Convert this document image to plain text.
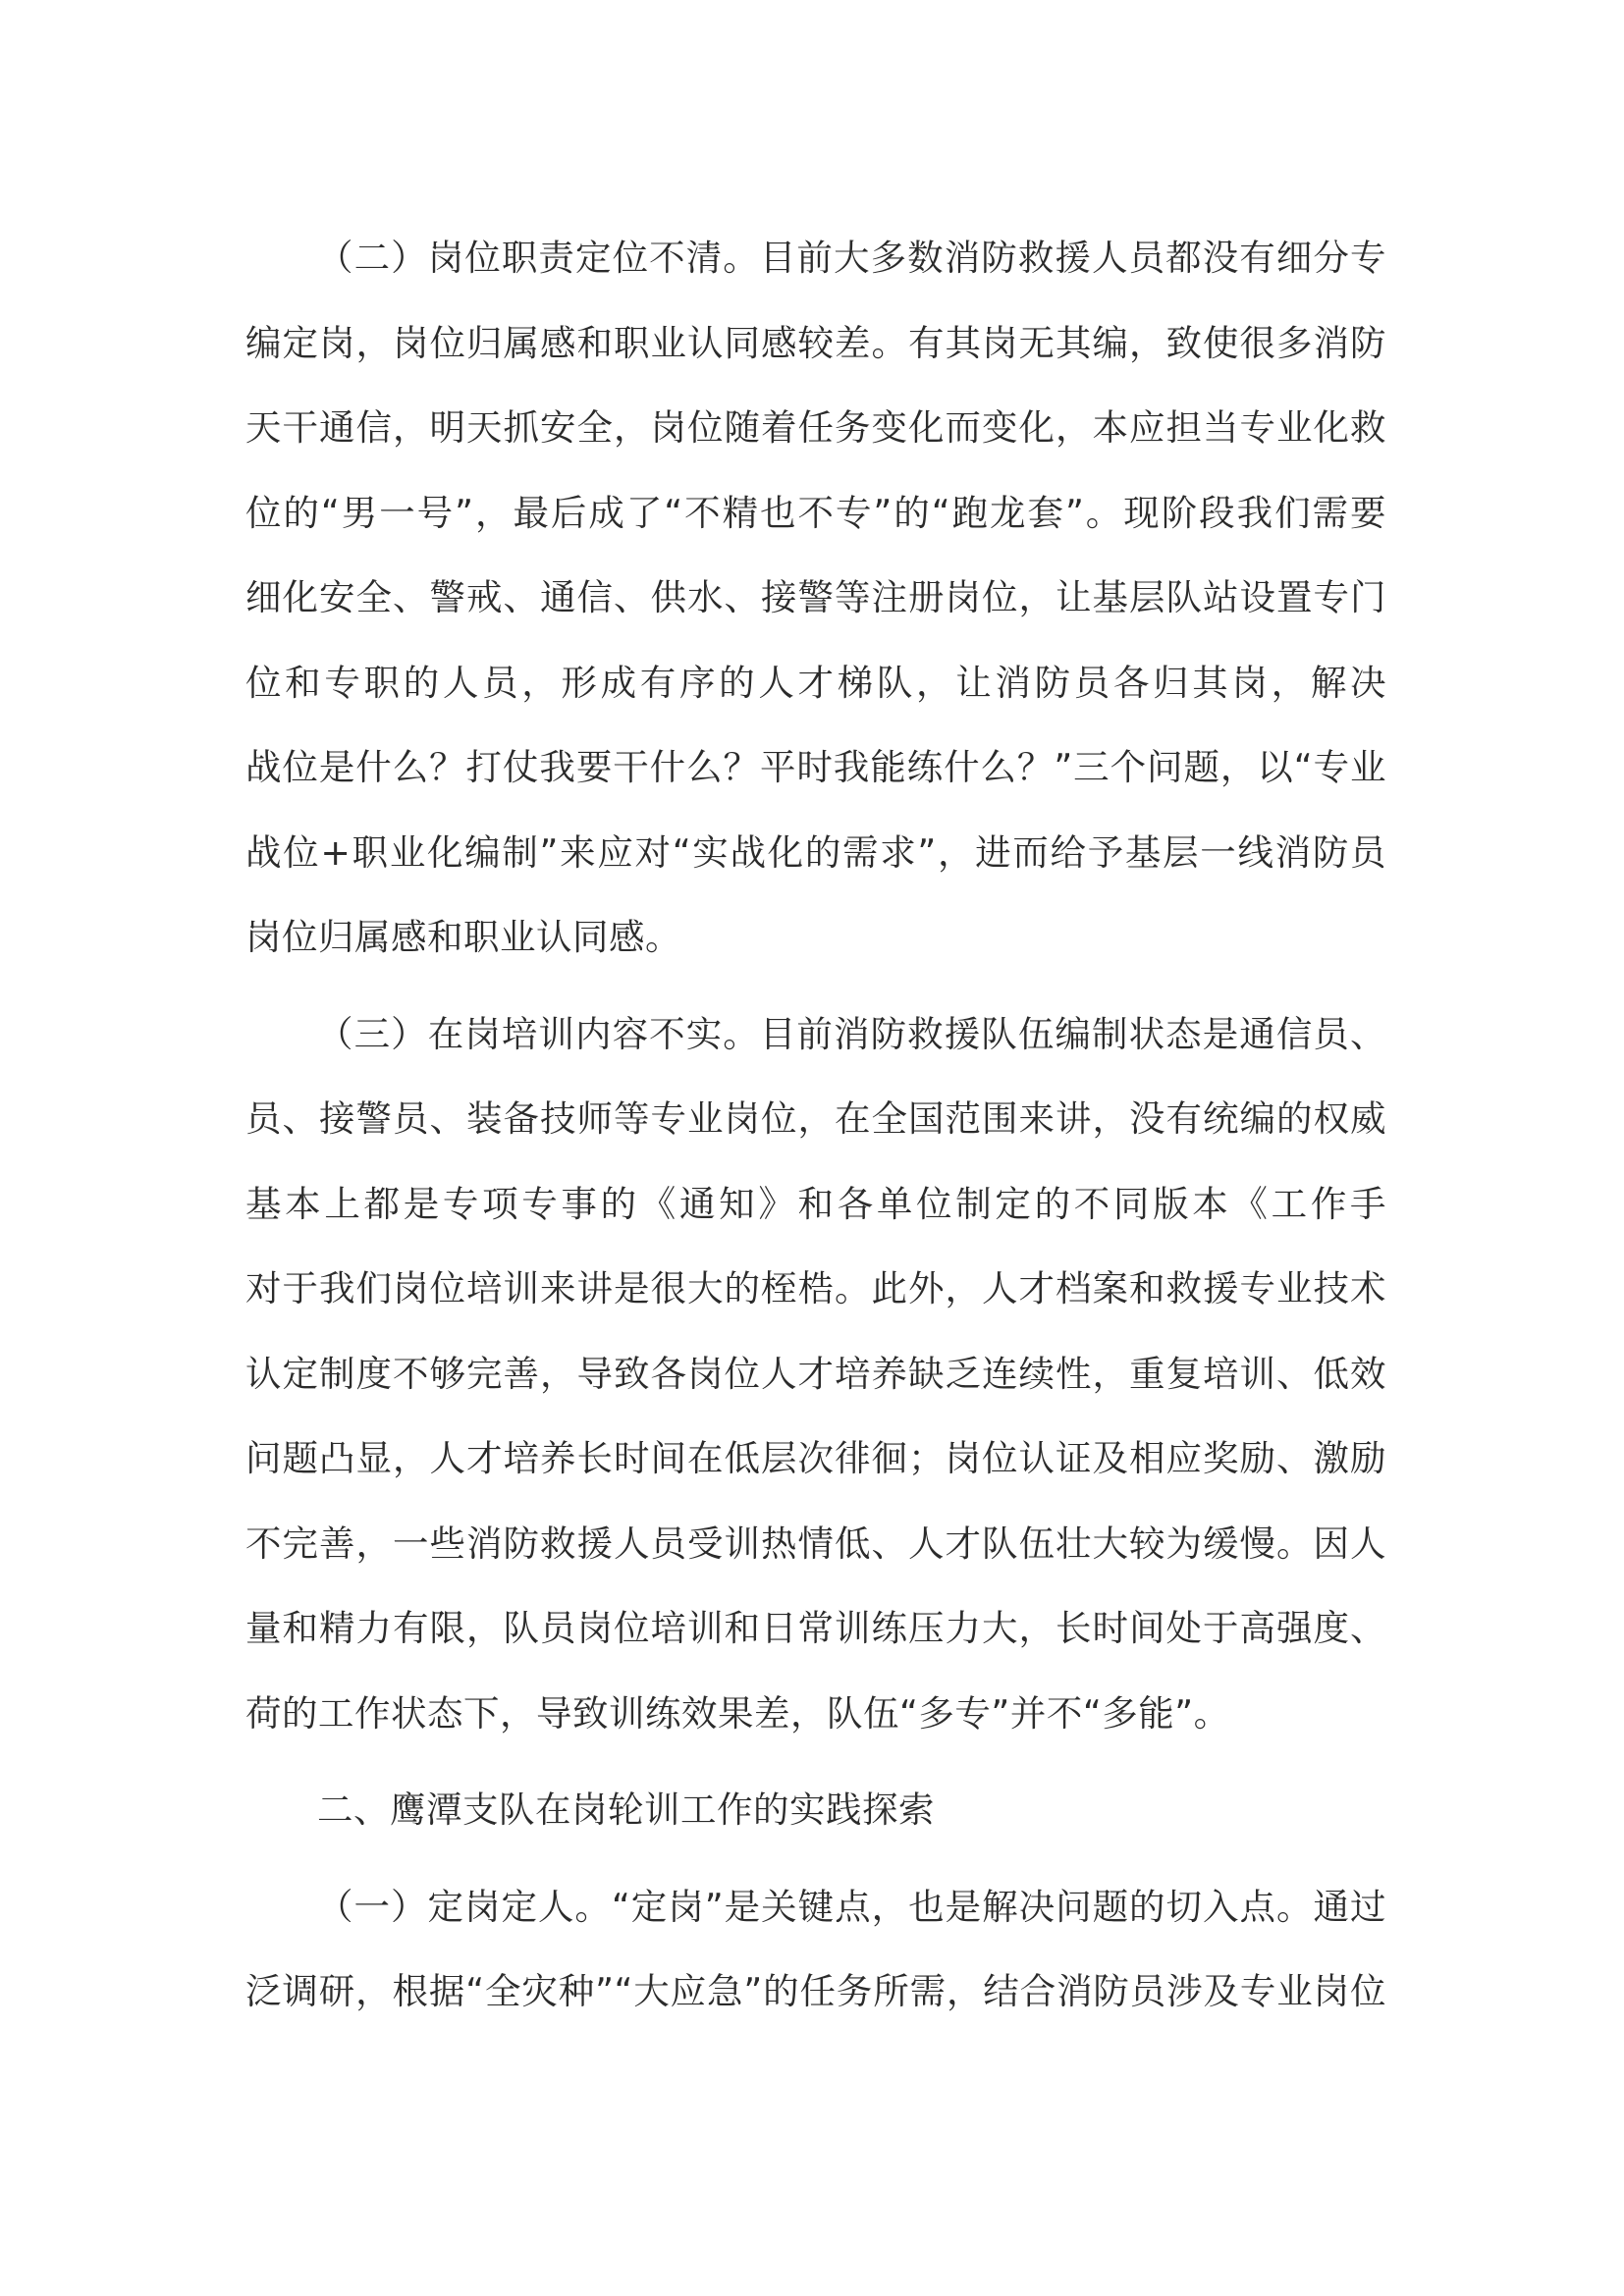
（二）岗位职责定位不清。目前大多数消防救援人员都没有细分专
编定岗，岗位归属感和职业认同感较差。有其岗无其编，致使很多消防
天干通信，明天抓安全，岗位随着任务变化而变化，本应担当专业化救
位的“男一号”，最后成了“不精也不专”的“跑龙套”。现阶段我们需要
细化安全、警戒、通信、供水、接警等注册岗位，让基层队站设置专门
位和专职的人员，形成有序的人才梯队，让消防员各归其岗，解决
战位是什么？打仗我要干什么？平时我能练什么？”三个问题，以“专业
战位+职业化编制”来应对“实战化的需求”，进而给予基层一线消防员
岗位归属感和职业认同感。
（三）在岗培训内容不实。目前消防救援队伍编制状态是通信员、
员、接警员、装备技师等专业岗位，在全国范围来讲，没有统编的权威
基本上都是专项专事的《通知》和各单位制定的不同版本《工作手
对于我们岗位培训来讲是很大的桎梏。此外，人才档案和救援专业技术
认定制度不够完善，导致各岗位人才培养缺乏连续性，重复培训、低效
问题凸显，人才培养长时间在低层次徘徊；岗位认证及相应奖励、激励
不完善，一些消防救援人员受训热情低、人才队伍壮大较为缓慢。因人
量和精力有限，队员岗位培训和日常训练压力大，长时间处于高强度、
荷的工作状态下，导致训练效果差，队伍“多专”并不“多能”。
二、鹰潭支队在岗轮训工作的实践探索
（一）定岗定人。“定岗”是关键点，也是解决问题的切入点。通过
泛调研，根据“全灾种”“大应急”的任务所需，结合消防员涉及专业岗位
